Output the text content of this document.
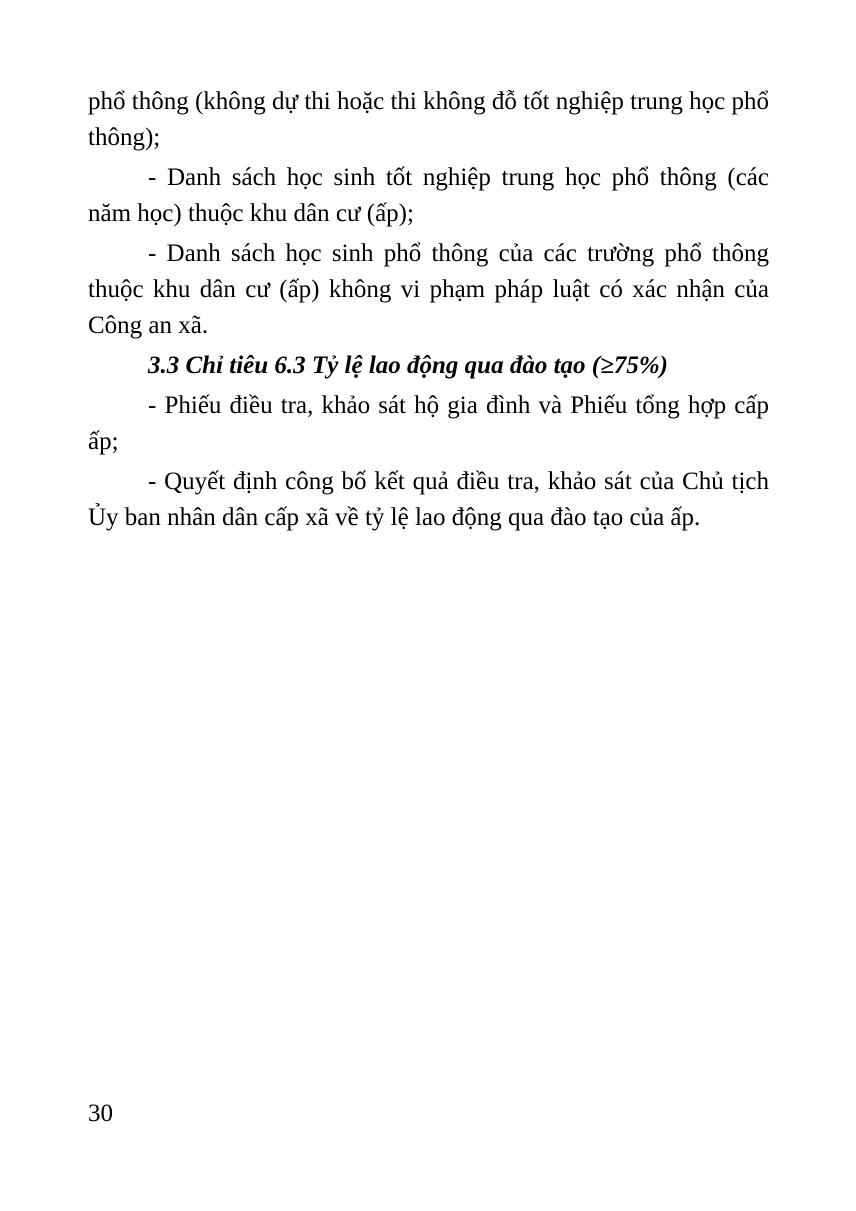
phổ thông (không dự thi hoặc thi không đỗ tốt nghiệp trung học phổ thông);

- Danh sách học sinh tốt nghiệp trung học phổ thông (các năm học) thuộc khu dân cư (ấp);

- Danh sách học sinh phổ thông của các trường phổ thông thuộc khu dân cư (ấp) không vi phạm pháp luật có xác nhận của Công an xã.

3.3 Chỉ tiêu 6.3 Tỷ lệ lao động qua đào tạo (≥75%)

- Phiếu điều tra, khảo sát hộ gia đình và Phiếu tổng hợp cấp ấp;

- Quyết định công bố kết quả điều tra, khảo sát của Chủ tịch Ủy ban nhân dân cấp xã về tỷ lệ lao động qua đào tạo của ấp.

30
